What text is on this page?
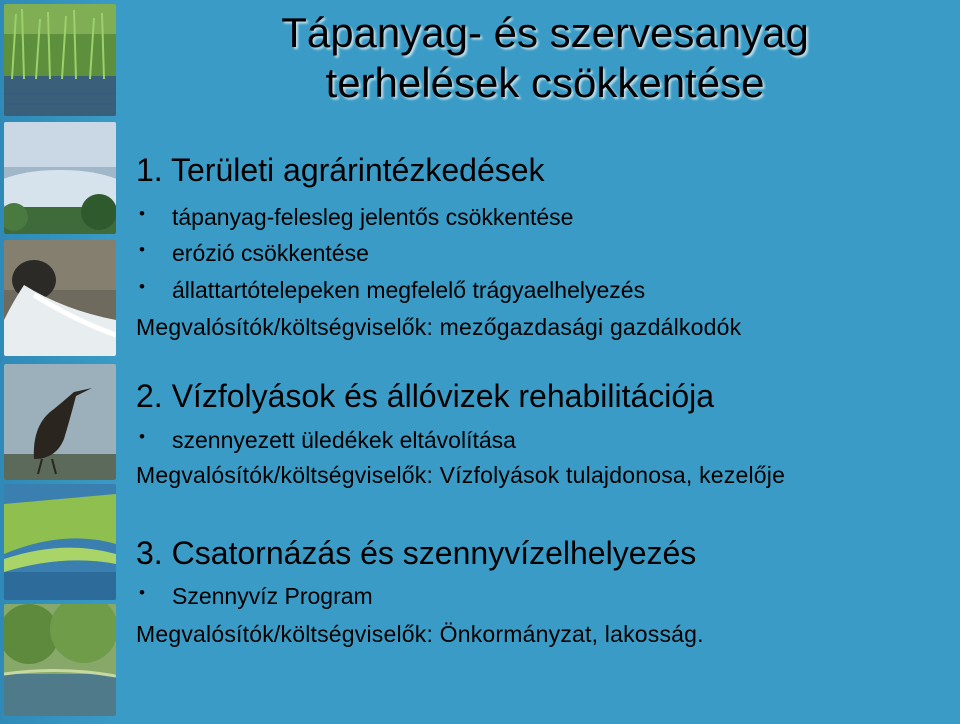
Tápanyag- és szervesanyag
terhelések csökkentése
1. Területi agrárintézkedések
• tápanyag-felesleg jelentős csökkentése
• erózió csökkentése
• állattartótelepeken megfelelő trágyaelhelyezés
Megvalósítók/költségviselők: mezőgazdasági gazdálkodók
2. Vízfolyások és állóvizek rehabilitációja
• szennyezett üledékek eltávolítása
Megvalósítók/költségviselők: Vízfolyások tulajdonosa, kezelője
3. Csatornázás és szennyvízelhelyezés
• Szennyvíz Program
Megvalósítók/költségviselők: Önkormányzat, lakosság.
